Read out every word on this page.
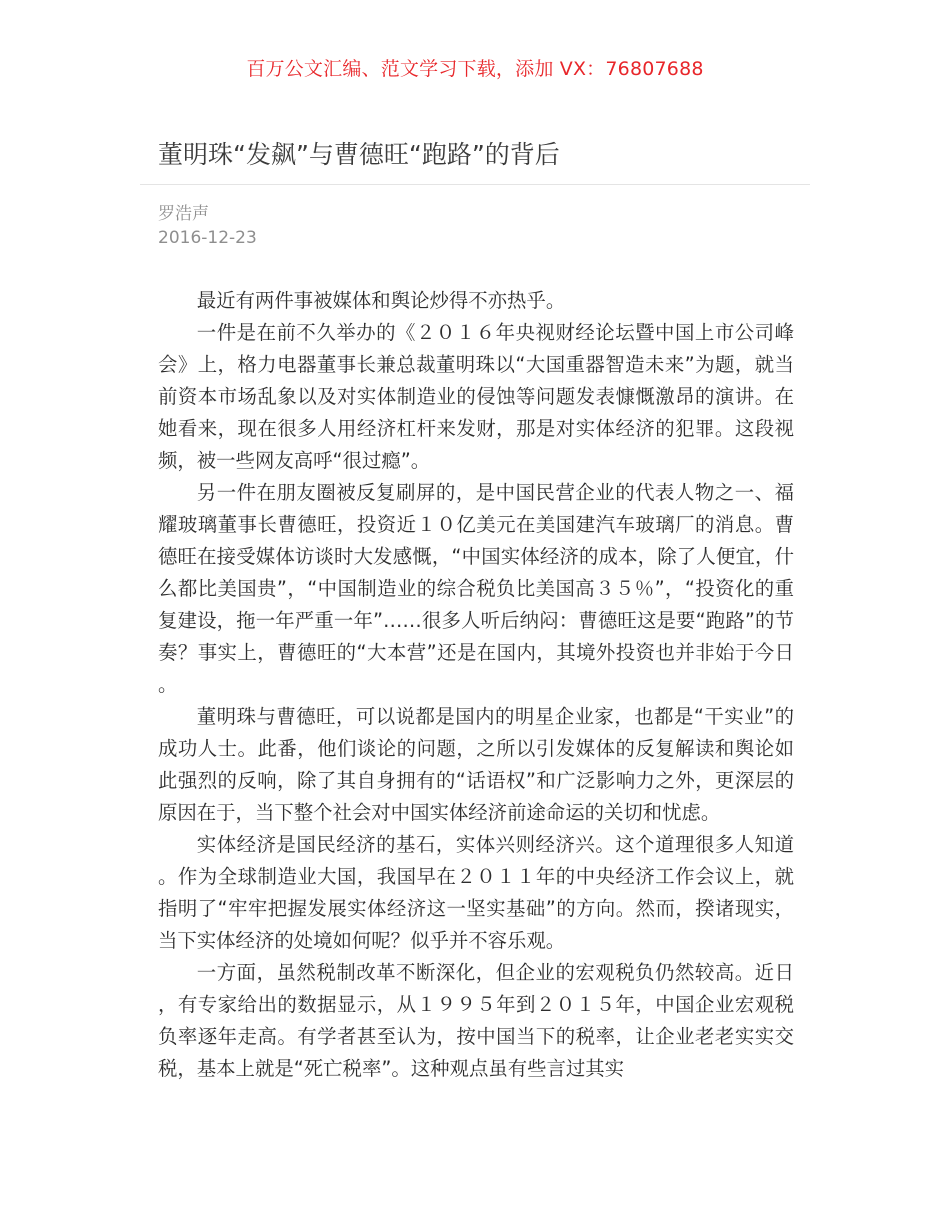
百万公文汇编、范文学习下载，添加 VX：76807688
董明珠“发飙”与曹德旺“跑路”的背后
罗浩声
2016-12-23

最近有两件事被媒体和舆论炒得不亦热乎。

一件是在前不久举办的《２０１６年央视财经论坛暨中国上市公司峰会》上，格力电器董事长兼总裁董明珠以“大国重器智造未来”为题，就当前资本市场乱象以及对实体制造业的侵蚀等问题发表慷慨激昂的演讲。在她看来，现在很多人用经济杠杆来发财，那是对实体经济的犯罪。这段视频，被一些网友高呼“很过瘾”。

另一件在朋友圈被反复刷屏的，是中国民营企业的代表人物之一、福耀玻璃董事长曹德旺，投资近１０亿美元在美国建汽车玻璃厂的消息。曹德旺在接受媒体访谈时大发感慨，“中国实体经济的成本，除了人便宜，什么都比美国贵”，“中国制造业的综合税负比美国高３５％”，“投资化的重复建设，拖一年严重一年”……很多人听后纳闷：曹德旺这是要“跑路”的节奏？事实上，曹德旺的“大本营”还是在国内，其境外投资也并非始于今日。

董明珠与曹德旺，可以说都是国内的明星企业家，也都是“干实业”的成功人士。此番，他们谈论的问题，之所以引发媒体的反复解读和舆论如此强烈的反响，除了其自身拥有的“话语权”和广泛影响力之外，更深层的原因在于，当下整个社会对中国实体经济前途命运的关切和忧虑。

实体经济是国民经济的基石，实体兴则经济兴。这个道理很多人知道。作为全球制造业大国，我国早在２０１１年的中央经济工作会议上，就指明了“牢牢把握发展实体经济这一坚实基础”的方向。然而，揆诸现实，当下实体经济的处境如何呢？似乎并不容乐观。

一方面，虽然税制改革不断深化，但企业的宏观税负仍然较高。近日，有专家给出的数据显示，从１９９５年到２０１５年，中国企业宏观税负率逐年走高。有学者甚至认为，按中国当下的税率，让企业老老实实交税，基本上就是“死亡税率”。这种观点虽有些言过其实
